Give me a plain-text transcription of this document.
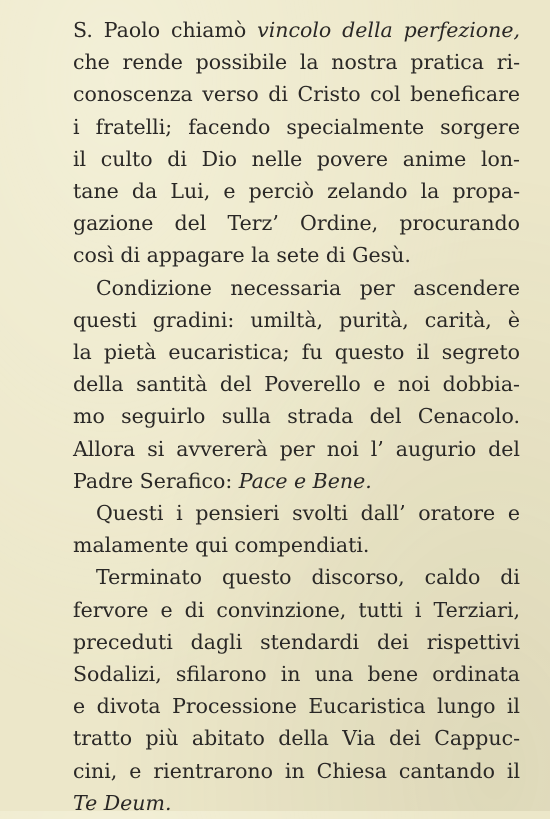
S. Paolo chiamò vincolo della perfezione,
che rende possibile la nostra pratica ri-
conoscenza verso di Cristo col beneficare
i fratelli; facendo specialmente sorgere
il culto di Dio nelle povere anime lon-
tane da Lui, e perciò zelando la propa-
gazione del Terz’ Ordine, procurando
così di appagare la sete di Gesù.
Condizione necessaria per ascendere
questi gradini: umiltà, purità, carità, è
la pietà eucaristica; fu questo il segreto
della santità del Poverello e noi dobbia-
mo seguirlo sulla strada del Cenacolo.
Allora si avvererà per noi l’ augurio del
Padre Serafico: Pace e Bene.
Questi i pensieri svolti dall’ oratore e
malamente qui compendiati.
Terminato questo discorso, caldo di
fervore e di convinzione, tutti i Terziari,
preceduti dagli stendardi dei rispettivi
Sodalizi, sfilarono in una bene ordinata
e divota Processione Eucaristica lungo il
tratto più abitato della Via dei Cappuc-
cini, e rientrarono in Chiesa cantando il
Te Deum.
